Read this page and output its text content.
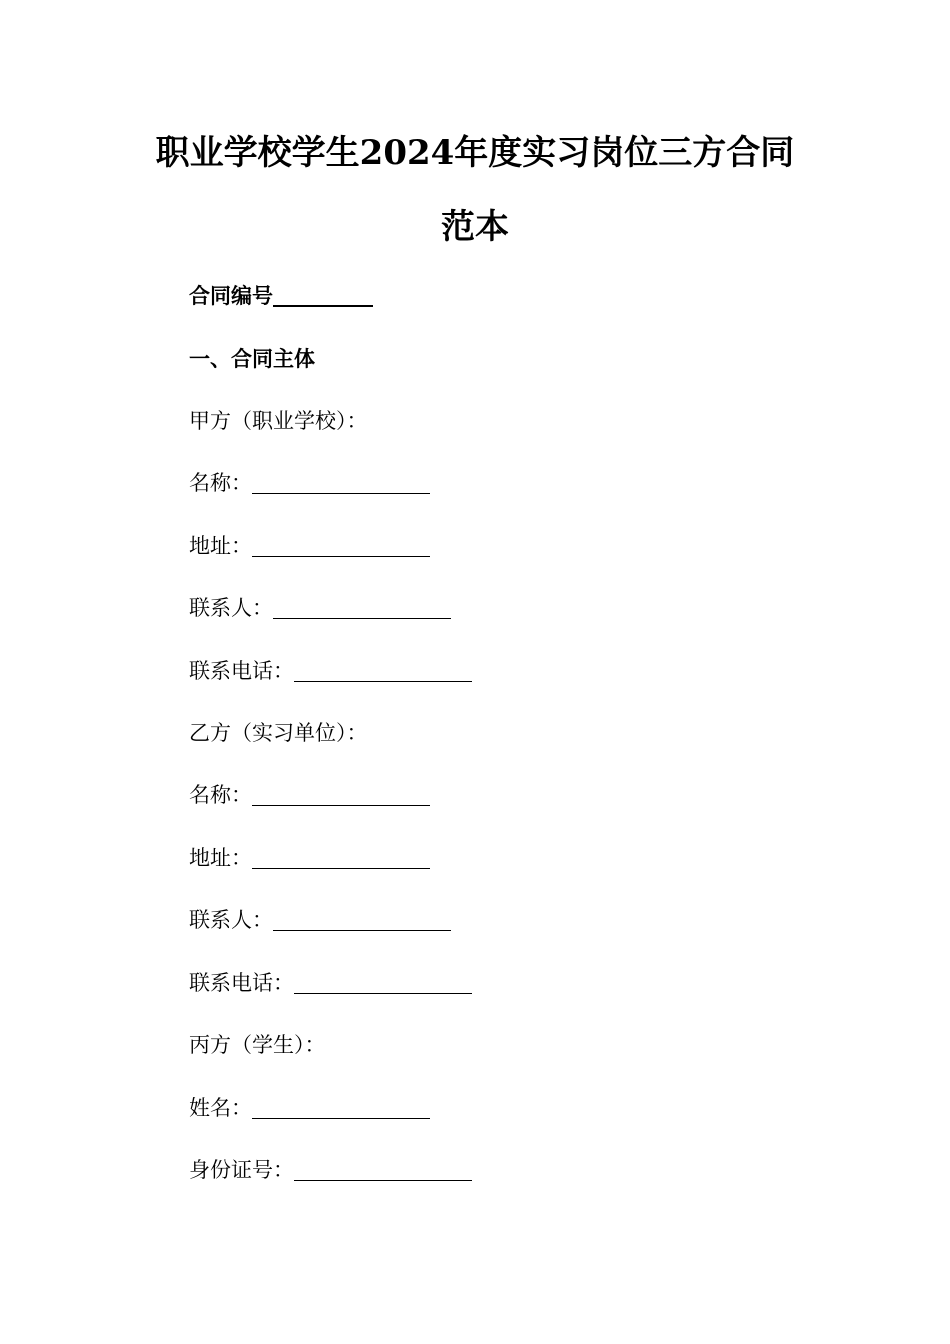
职业学校学生2024年度实习岗位三方合同
范本
合同编号
一、合同主体
甲方（职业学校）：
名称：
地址：
联系人：
联系电话：
乙方（实习单位）：
名称：
地址：
联系人：
联系电话：
丙方（学生）：
姓名：
身份证号：
